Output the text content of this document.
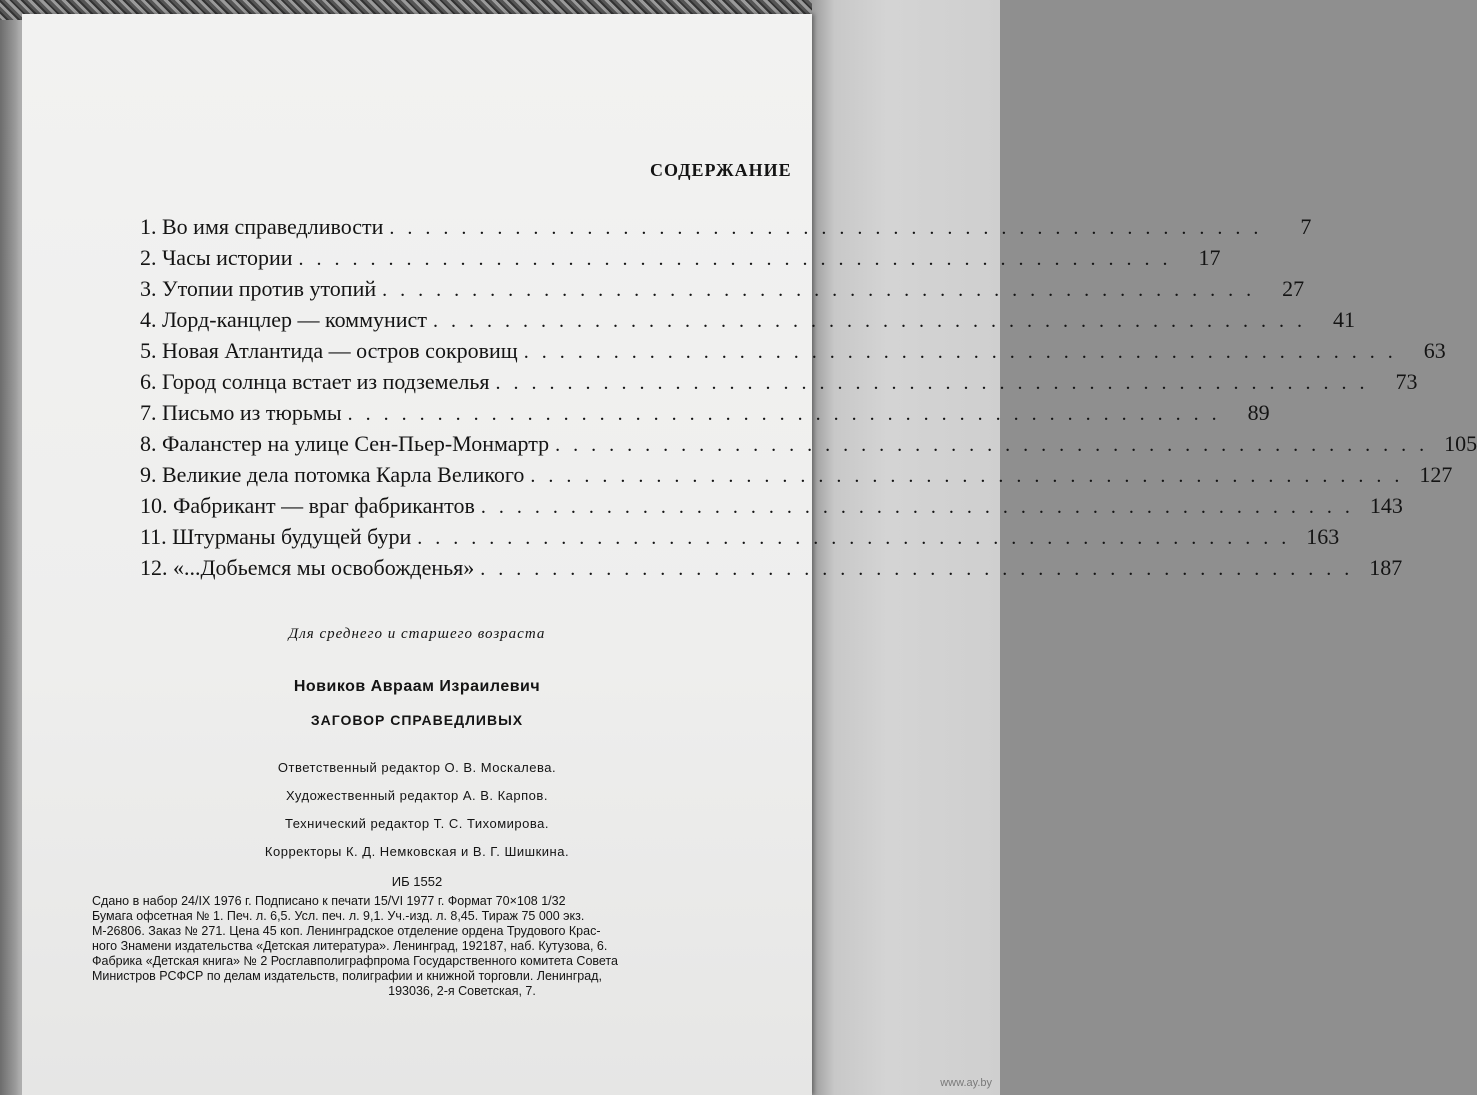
www.ay.by
СОДЕРЖАНИЕ
1. Во имя справедливости .................................................	7
2. Часы истории ................................................. 17
3. Утопии против утопий ................................................. 27
4. Лорд-канцлер — коммунист ................................................. 41
5. Новая Атлантида — остров сокровищ ................................................. 63
6. Город солнца встает из подземелья ................................................. 73
7. Письмо из тюрьмы ................................................. 89
8. Фаланстер на улице Сен-Пьер-Монмартр ................................................. 105
9. Великие дела потомка Карла Великого ................................................. 127
10. Фабрикант — враг фабрикантов ................................................. 143
11. Штурманы будущей бури ................................................. 163
12. «...Добьемся мы освобожденья» ................................................. 187
Для среднего и старшего возраста
Новиков Авраам Израилевич
ЗАГОВОР СПРАВЕДЛИВЫХ
Ответственный редактор О. В. Москалева.
Художественный редактор А. В. Карпов.
Технический редактор Т. С. Тихомирова.
Корректоры К. Д. Немковская и В. Г. Шишкина.
ИБ 1552
Сдано в набор 24/IX 1976 г. Подписано к печати 15/VI 1977 г. Формат 70×108 1/32
Бумага офсетная № 1. Печ. л. 6,5. Усл. печ. л. 9,1. Уч.-изд. л. 8,45. Тираж 75 000 экз.
М-26806. Заказ № 271. Цена 45 коп. Ленинградское отделение ордена Трудового Крас-
ного Знамени издательства «Детская литература». Ленинград, 192187, наб. Кутузова, 6.
Фабрика «Детская книга» № 2 Росглавполиграфпрома Государственного комитета Совета
Министров РСФСР по делам издательств, полиграфии и книжной торговли. Ленинград,
193036, 2-я Советская, 7.
